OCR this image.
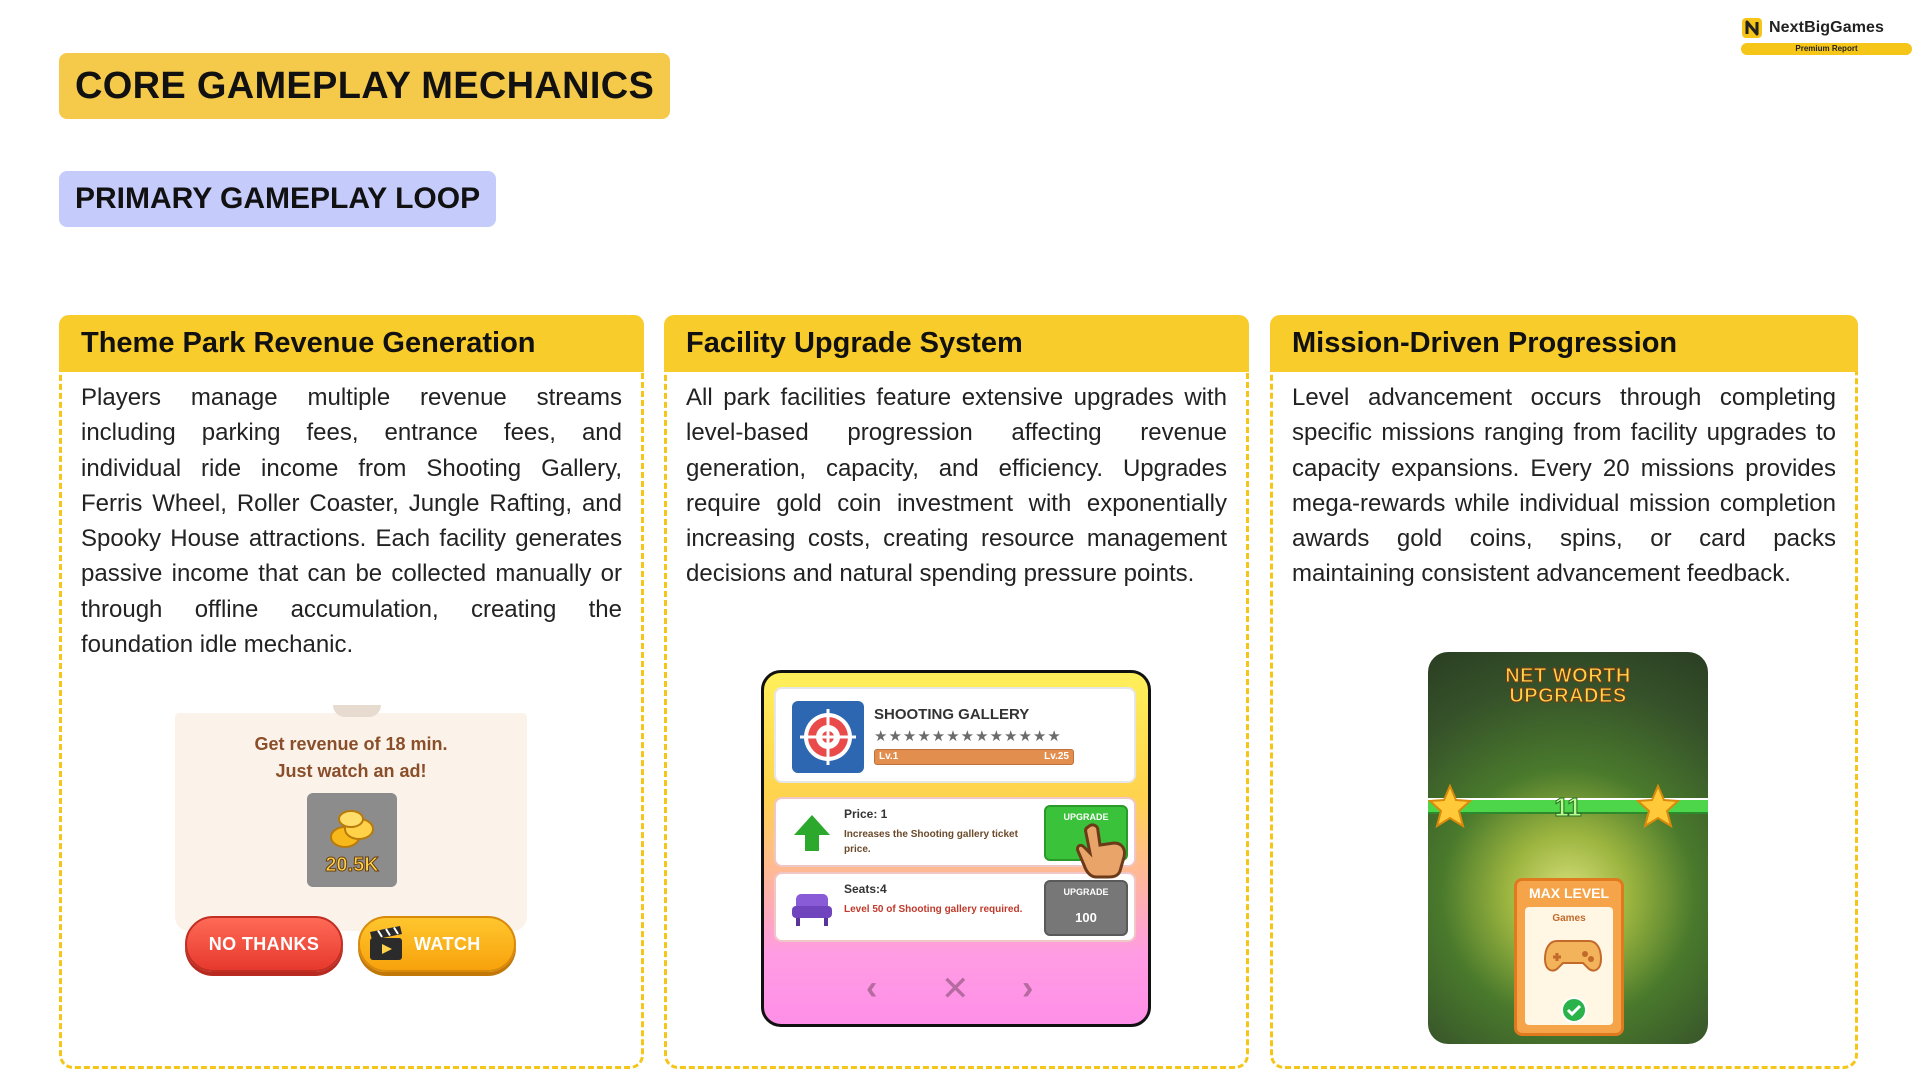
NextBigGames
Premium Report
CORE GAMEPLAY MECHANICS
PRIMARY GAMEPLAY LOOP
Theme Park Revenue Generation
Players manage multiple revenue streams including parking fees, entrance fees, and individual ride income from Shooting Gallery, Ferris Wheel, Roller Coaster, Jungle Rafting, and Spooky House attractions. Each facility generates passive income that can be collected manually or through offline accumulation, creating the foundation idle mechanic.
Facility Upgrade System
All park facilities feature extensive upgrades with level-based progression affecting revenue generation, capacity, and efficiency. Upgrades require gold coin investment with exponentially increasing costs, creating resource management decisions and natural spending pressure points.
Mission-Driven Progression
Level advancement occurs through completing specific missions ranging from facility upgrades to capacity expansions. Every 20 missions provides mega-rewards while individual mission completion awards gold coins, spins, or card packs maintaining consistent advancement feedback.
Get revenue of 18 min.
Just watch an ad!
20.5K
NO THANKS	WATCH
SHOOTING GALLERY
★★★★★★★★★★★★★
Lv.1	Lv.25
Price: 1
Increases the Shooting gallery ticket price.
UPGRADE
Seats:4
Level 50 of Shooting gallery required.
UPGRADE
100
‹ ✕ ›
NET WORTH
UPGRADES
11
MAX LEVEL
Games
